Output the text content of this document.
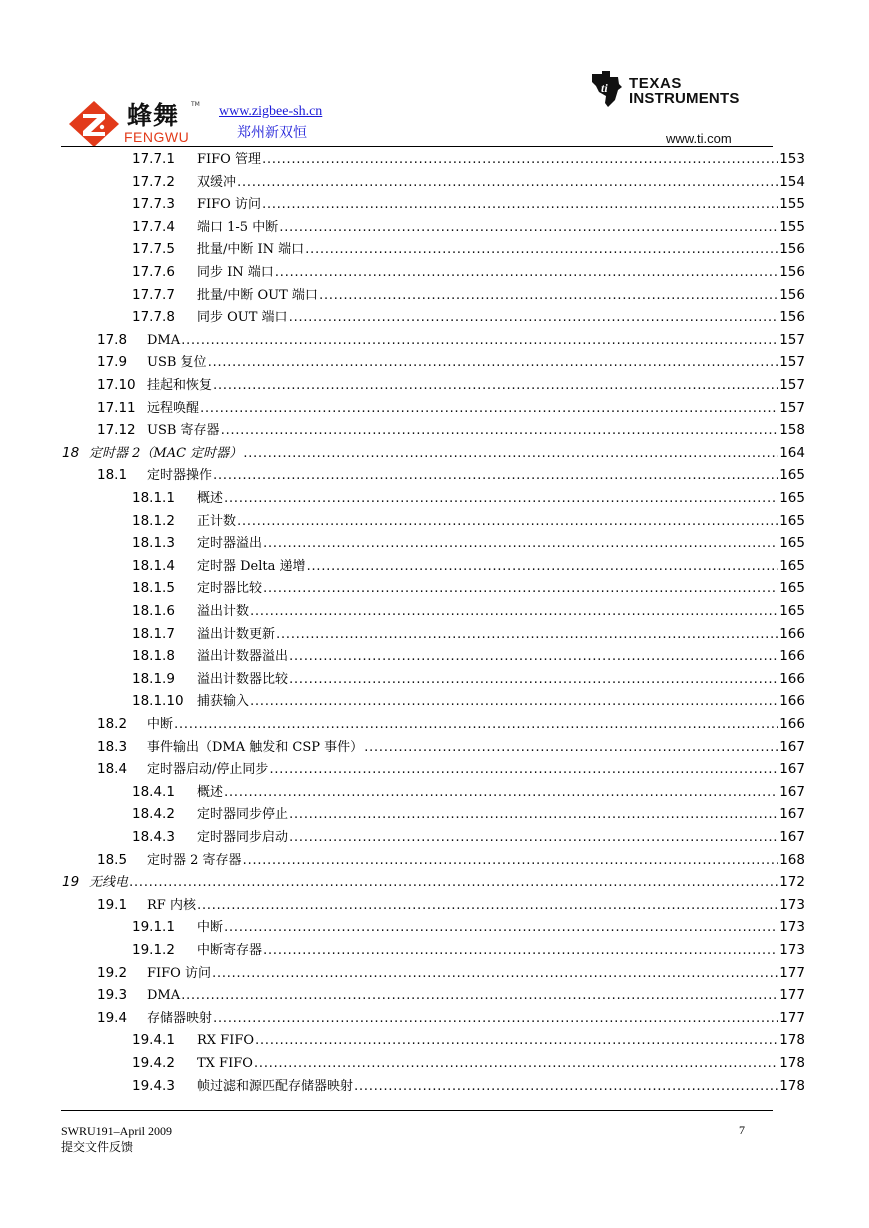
蜂舞 TM
FENGWU
www.zigbee-sh.cn
郑州新双恒
ti TEXAS
INSTRUMENTS
www.ti.com
17.7.1	FIFO 管理 .....	153
17.7.2	双缓冲 .....	154
17.7.3	FIFO 访问 .....	155
17.7.4	端口 1-5 中断 .....	155
17.7.5	批量/中断 IN 端口 .....	156
17.7.6	同步 IN 端口 .....	156
17.7.7	批量/中断 OUT 端口 .....	156
17.7.8	同步 OUT 端口 .....	156
17.8	DMA .....	157
17.9	USB 复位 .....	157
17.10 挂起和恢复 .....	157
17.11 远程唤醒 .....	157
17.12 USB 寄存器 .....	158
18 定时器 2（MAC 定时器） .....	164
18.1	定时器操作 .....	165
18.1.1	概述 .....	165
18.1.2	正计数 .....	165
18.1.3	定时器溢出 .....	165
18.1.4	定时器 Delta 递增 .....	165
18.1.5	定时器比较 .....	165
18.1.6	溢出计数 .....	165
18.1.7	溢出计数更新 .....	166
18.1.8	溢出计数器溢出 .....	166
18.1.9	溢出计数器比较 .....	166
18.1.10	捕获输入 .....	166
18.2	中断 .....	166
18.3	事件输出（DMA 触发和 CSP 事件） .....	167
18.4	定时器启动/停止同步 .....	167
18.4.1	概述 .....	167
18.4.2	定时器同步停止 .....	167
18.4.3	定时器同步启动 .....	167
18.5	定时器 2 寄存器 .....	168
19 无线电 .....	172
19.1	RF 内核 .....	173
19.1.1	中断 .....	173
19.1.2	中断寄存器 .....	173
19.2	FIFO 访问 .....	177
19.3	DMA .....	177
19.4	存储器映射 .....	177
19.4.1	RX FIFO .....	178
19.4.2	TX FIFO .....	178
19.4.3	帧过滤和源匹配存储器映射 .....	178
SWRU191–April 2009
提交文件反馈
7
